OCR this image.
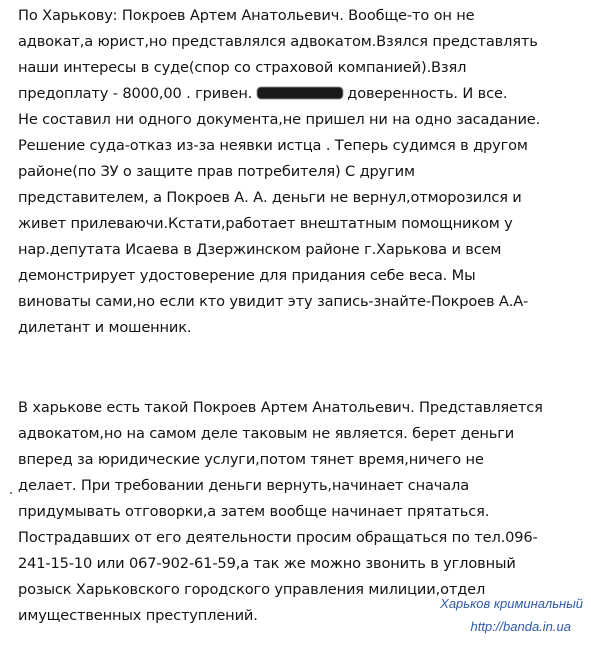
По Харькову: Покроев Артем Анатольевич. Вообще-то он не
адвокат,а юрист,но представлялся адвокатом.Взялся представлять
наши интересы в суде(спор со страховой компанией).Взял
предоплату - 8000,00 . гривен.	доверенность. И все.
Не составил ни одного документа,не пришел ни на одно засадание.
Решение суда-отказ из-за неявки истца . Теперь судимся в другом
районе(по ЗУ о защите прав потребителя) С другим
представителем, а Покроев А. А. деньги не вернул,отморозился и
живет прилеваючи.Кстати,работает внештатным помощником у
нар.депутата Исаева в Дзержинском районе г.Харькова и всем
демонстрирует удостоверение для придания себе веса. Мы
виноваты сами,но если кто увидит эту запись-знайте-Покроев А.А-
дилетант и мошенник.
В харькове есть такой Покроев Артем Анатольевич. Представляется
адвокатом,но на самом деле таковым не является. берет деньги
вперед за юридические услуги,потом тянет время,ничего не
делает. При требовании деньги вернуть,начинает сначала
придумывать отговорки,а затем вообще начинает прятаться.
Пострадавших от его деятельности просим обращаться по тел.096-
241-15-10 или 067-902-61-59,а так же можно звонить в угловный
розыск Харьковского городского управления милиции,отдел
имущественных преступлений.
Харьков криминальный
http://banda.in.ua
